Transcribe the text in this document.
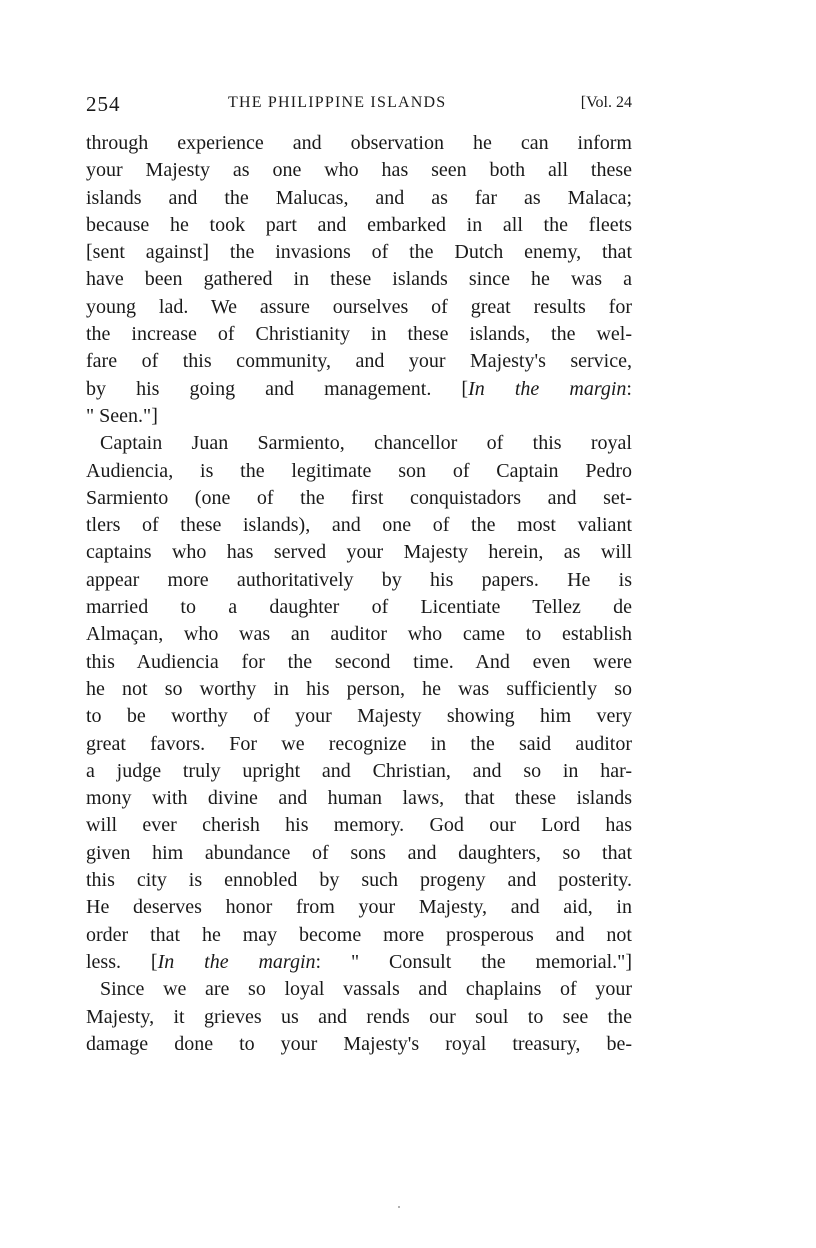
254	THE PHILIPPINE ISLANDS	[Vol. 24

through experience and observation he can inform
your Majesty as one who has seen both all these
islands and the Malucas, and as far as Malaca;
because he took part and embarked in all the fleets
[sent against] the invasions of the Dutch enemy, that
have been gathered in these islands since he was a
young lad. We assure ourselves of great results for
the increase of Christianity in these islands, the wel-
fare of this community, and your Majesty's service,
by his going and management. [In the margin:
" Seen."]

Captain Juan Sarmiento, chancellor of this royal
Audiencia, is the legitimate son of Captain Pedro
Sarmiento (one of the first conquistadors and set-
tlers of these islands), and one of the most valiant
captains who has served your Majesty herein, as will
appear more authoritatively by his papers. He is
married to a daughter of Licentiate Tellez de
Almaçan, who was an auditor who came to establish
this Audiencia for the second time. And even were
he not so worthy in his person, he was sufficiently so
to be worthy of your Majesty showing him very
great favors. For we recognize in the said auditor
a judge truly upright and Christian, and so in har-
mony with divine and human laws, that these islands
will ever cherish his memory. God our Lord has
given him abundance of sons and daughters, so that
this city is ennobled by such progeny and posterity.
He deserves honor from your Majesty, and aid, in
order that he may become more prosperous and not
less. [In the margin: " Consult the memorial."]

Since we are so loyal vassals and chaplains of your
Majesty, it grieves us and rends our soul to see the
damage done to your Majesty's royal treasury, be-
